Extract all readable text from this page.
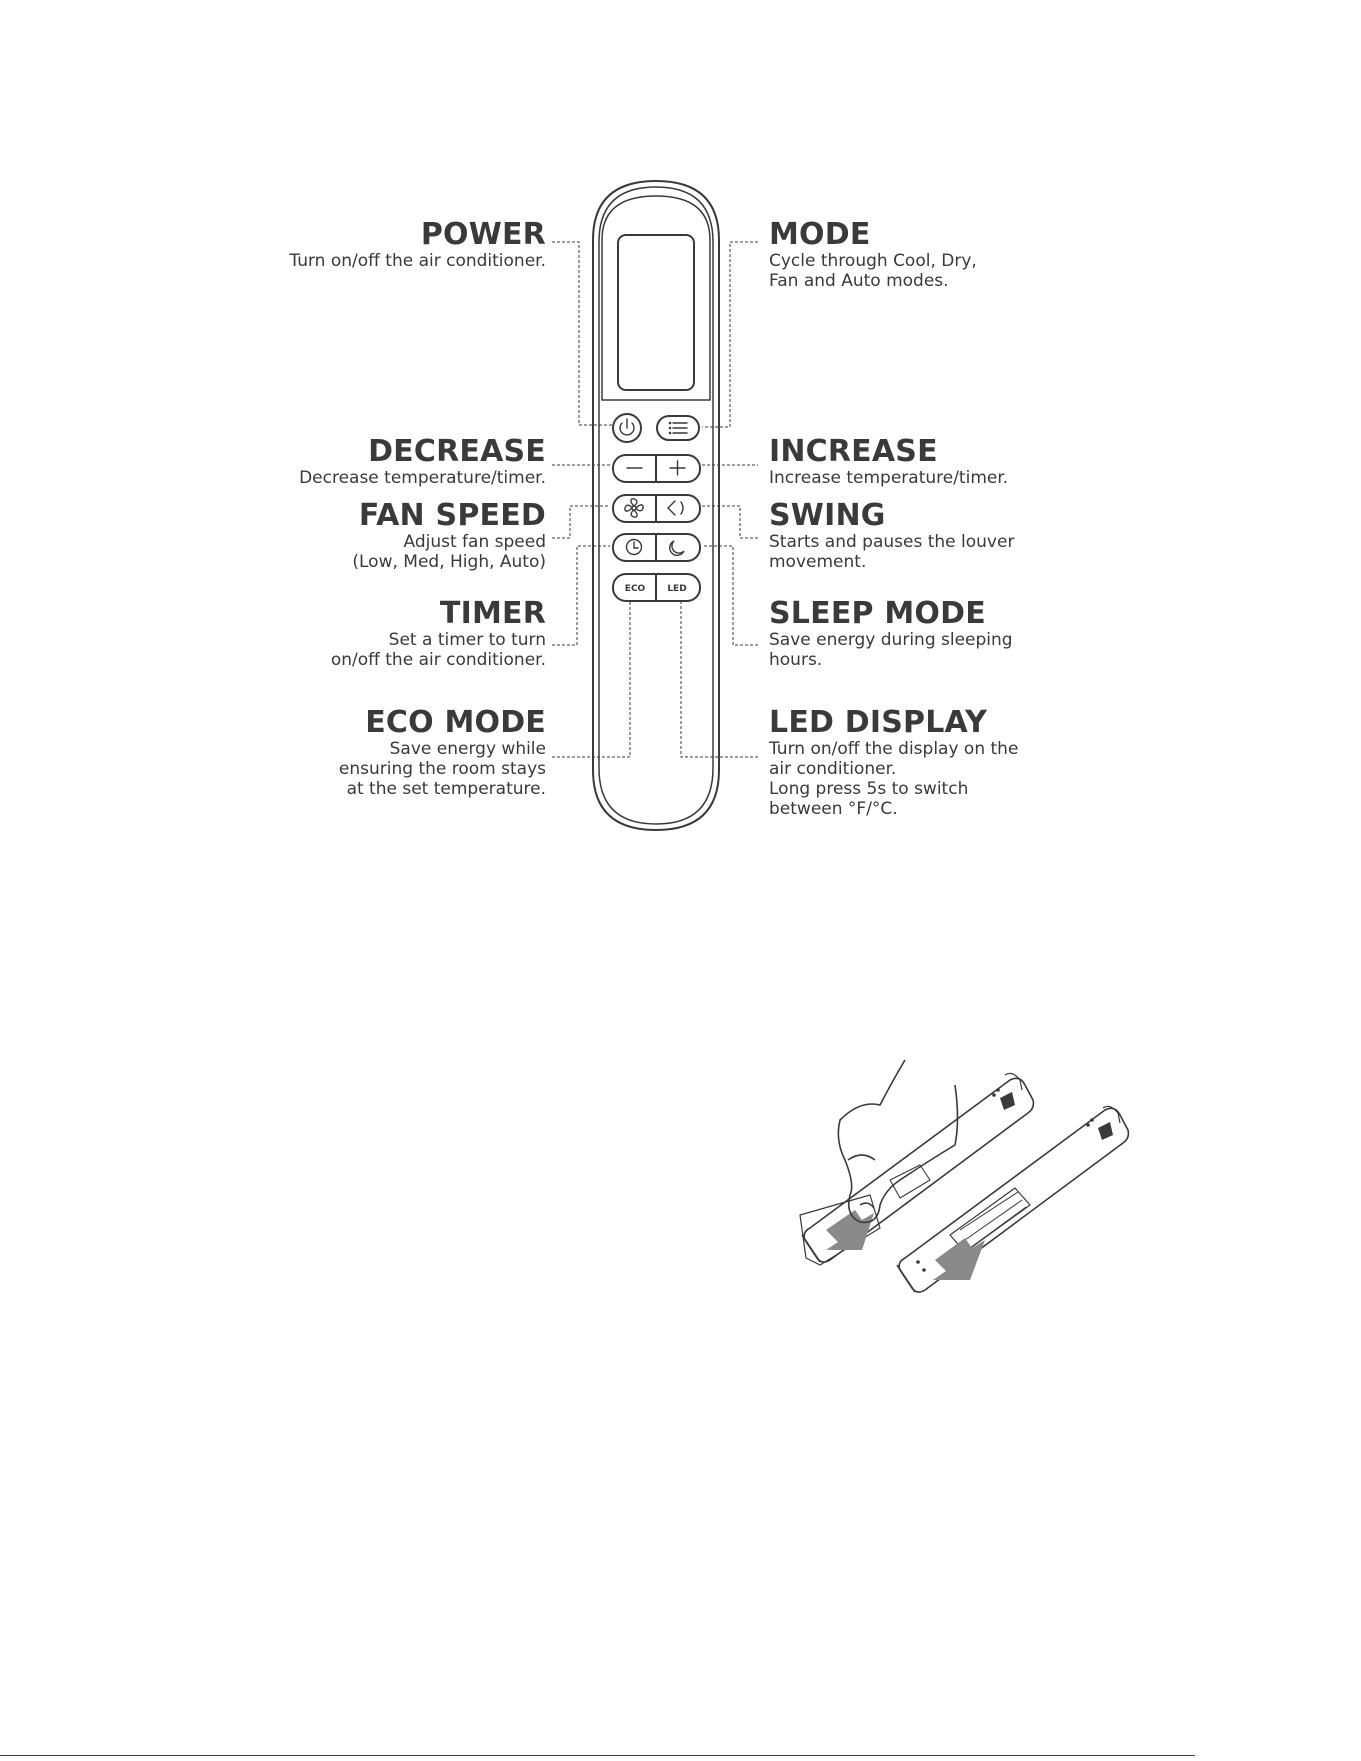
ECO LED
POWER
Turn on/off the air conditioner.
DECREASE
Decrease temperature/timer.
FAN SPEED
Adjust fan speed
(Low, Med, High, Auto)
TIMER
Set a timer to turn
on/off the air conditioner.
ECO MODE
Save energy while
ensuring the room stays
at the set temperature.
MODE
Cycle through Cool, Dry,
Fan and Auto modes.
INCREASE
Increase temperature/timer.
SWING
Starts and pauses the louver
movement.
SLEEP MODE
Save energy during sleeping
hours.
LED DISPLAY
Turn on/off the display on the
air conditioner.
Long press 5s to switch
between °F/°C.
